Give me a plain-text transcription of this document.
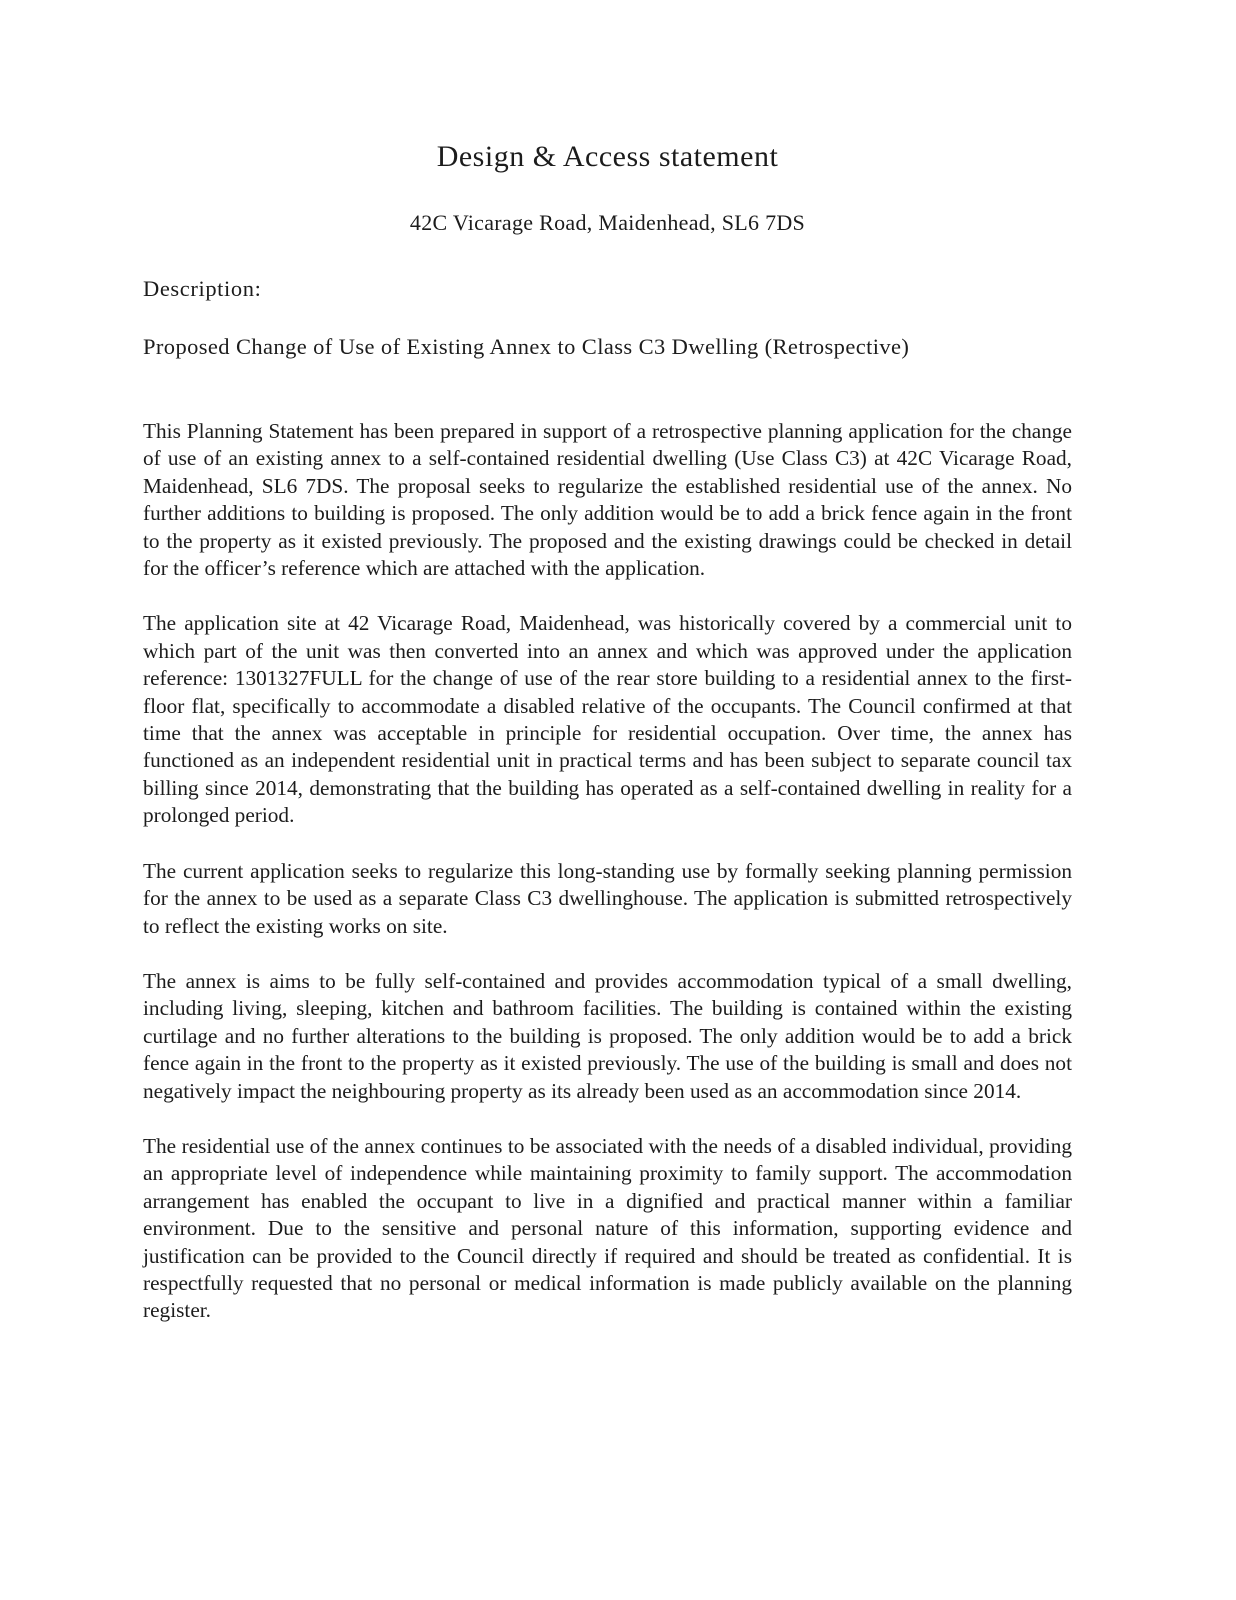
Design & Access statement
42C Vicarage Road, Maidenhead, SL6 7DS
Description:
Proposed Change of Use of Existing Annex to Class C3 Dwelling (Retrospective)

This Planning Statement has been prepared in support of a retrospective planning application for the change of use of an existing annex to a self-contained residential dwelling (Use Class C3) at 42C Vicarage Road, Maidenhead, SL6 7DS. The proposal seeks to regularize the established residential use of the annex. No further additions to building is proposed. The only addition would be to add a brick fence again in the front to the property as it existed previously. The proposed and the existing drawings could be checked in detail for the officer’s reference which are attached with the application.

The application site at 42 Vicarage Road, Maidenhead, was historically covered by a commercial unit to which part of the unit was then converted into an annex and which was approved under the application reference: 1301327FULL for the change of use of the rear store building to a residential annex to the first-floor flat, specifically to accommodate a disabled relative of the occupants. The Council confirmed at that time that the annex was acceptable in principle for residential occupation. Over time, the annex has functioned as an independent residential unit in practical terms and has been subject to separate council tax billing since 2014, demonstrating that the building has operated as a self-contained dwelling in reality for a prolonged period.

The current application seeks to regularize this long-standing use by formally seeking planning permission for the annex to be used as a separate Class C3 dwellinghouse. The application is submitted retrospectively to reflect the existing works on site.

The annex is aims to be fully self-contained and provides accommodation typical of a small dwelling, including living, sleeping, kitchen and bathroom facilities. The building is contained within the existing curtilage and no further alterations to the building is proposed. The only addition would be to add a brick fence again in the front to the property as it existed previously. The use of the building is small and does not negatively impact the neighbouring property as its already been used as an accommodation since 2014.

The residential use of the annex continues to be associated with the needs of a disabled individual, providing an appropriate level of independence while maintaining proximity to family support. The accommodation arrangement has enabled the occupant to live in a dignified and practical manner within a familiar environment. Due to the sensitive and personal nature of this information, supporting evidence and justification can be provided to the Council directly if required and should be treated as confidential. It is respectfully requested that no personal or medical information is made publicly available on the planning register.
